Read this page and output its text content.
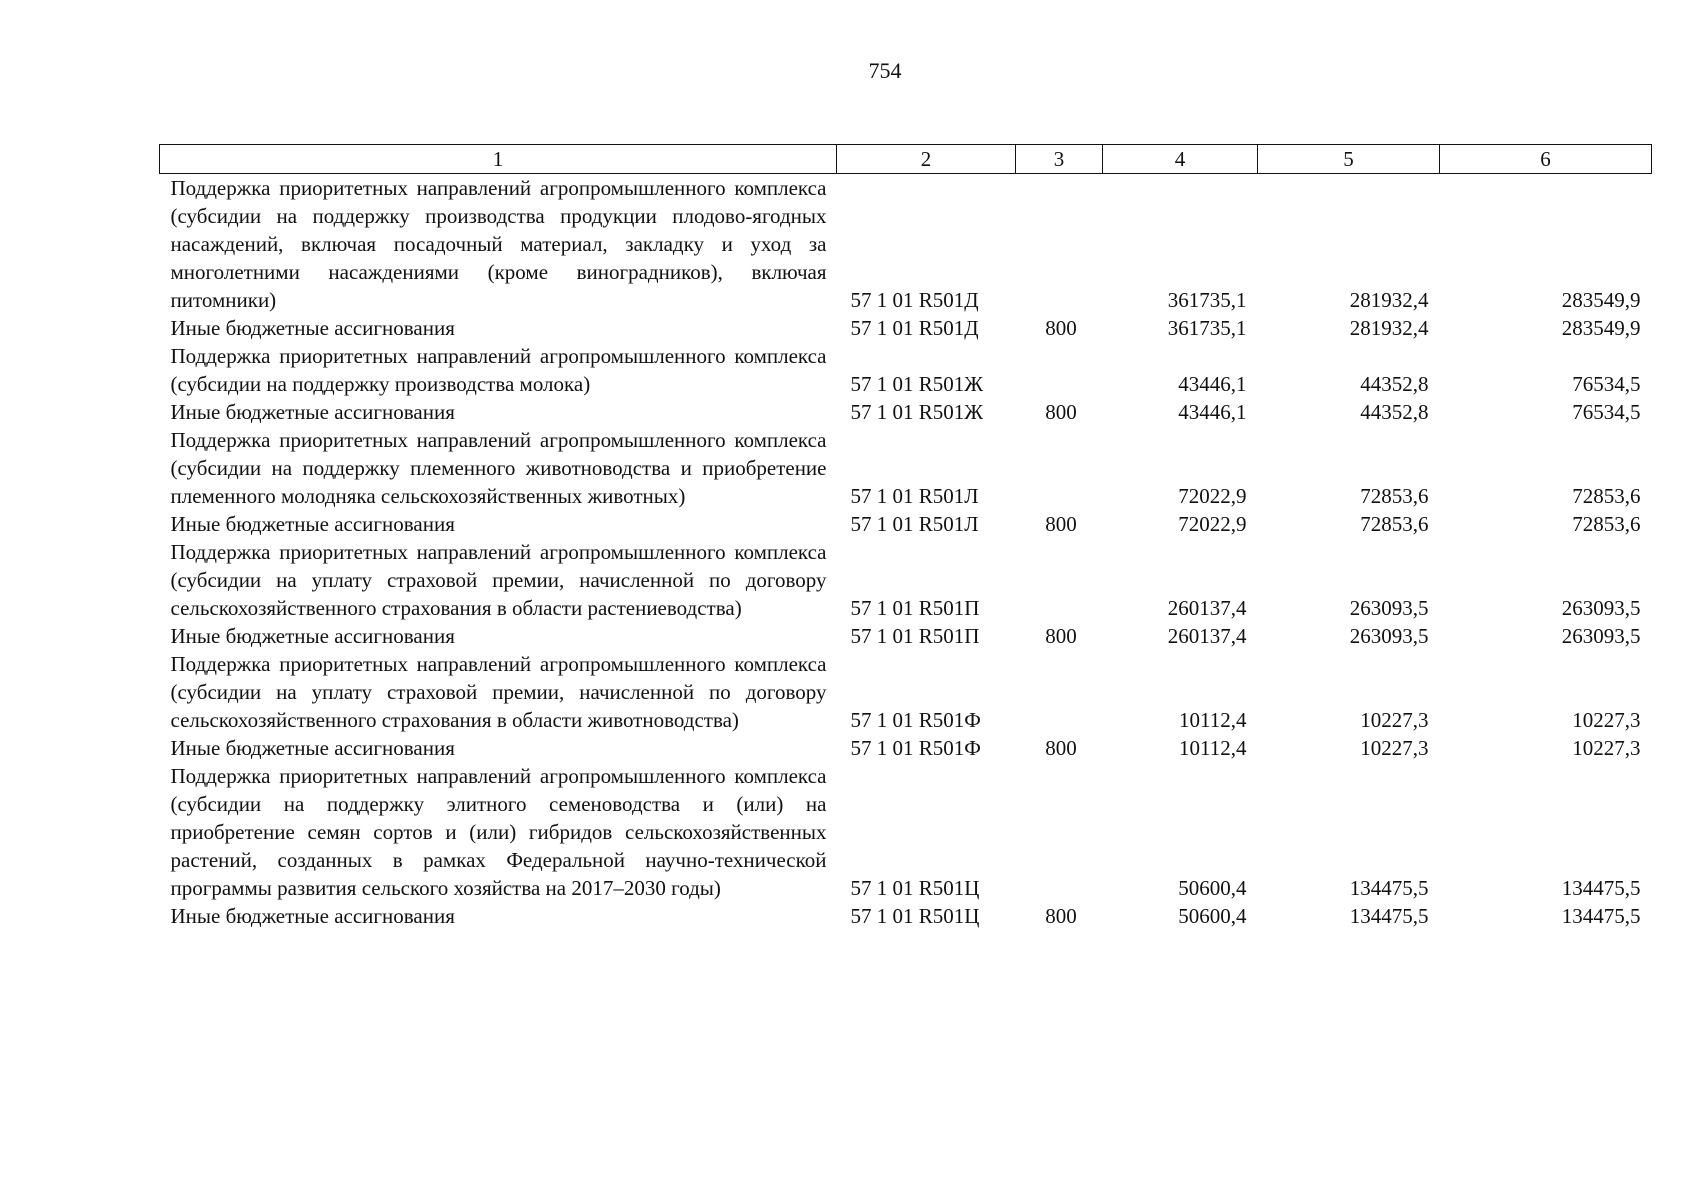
754
1	2	3	4	5	6
Поддержка приоритетных направлений агропромышленного комплекса (субсидии на поддержку производства продукции плодово-ягодных насаждений, включая посадочный материал, закладку и уход за многолетними насаждениями (кроме виноградников), включая питомники)	57 1 01 R501Д		361735,1	281932,4	283549,9
Иные бюджетные ассигнования	57 1 01 R501Д	800	361735,1	281932,4	283549,9
Поддержка приоритетных направлений агропромышленного комплекса (субсидии на поддержку производства молока)	57 1 01 R501Ж		43446,1	44352,8	76534,5
Иные бюджетные ассигнования	57 1 01 R501Ж	800	43446,1	44352,8	76534,5
Поддержка приоритетных направлений агропромышленного комплекса (субсидии на поддержку племенного животноводства и приобретение племенного молодняка сельскохозяйственных животных)	57 1 01 R501Л		72022,9	72853,6	72853,6
Иные бюджетные ассигнования	57 1 01 R501Л	800	72022,9	72853,6	72853,6
Поддержка приоритетных направлений агропромышленного комплекса (субсидии на уплату страховой премии, начисленной по договору сельскохозяйственного страхования в области растениеводства)	57 1 01 R501П		260137,4	263093,5	263093,5
Иные бюджетные ассигнования	57 1 01 R501П	800	260137,4	263093,5	263093,5
Поддержка приоритетных направлений агропромышленного комплекса (субсидии на уплату страховой премии, начисленной по договору сельскохозяйственного страхования в области животноводства)	57 1 01 R501Ф		10112,4	10227,3	10227,3
Иные бюджетные ассигнования	57 1 01 R501Ф	800	10112,4	10227,3	10227,3
Поддержка приоритетных направлений агропромышленного комплекса (субсидии на поддержку элитного семеноводства и (или) на приобретение семян сортов и (или) гибридов сельскохозяйственных растений, созданных в рамках Федеральной научно-технической программы развития сельского хозяйства на 2017–2030 годы)	57 1 01 R501Ц		50600,4	134475,5	134475,5
Иные бюджетные ассигнования	57 1 01 R501Ц	800	50600,4	134475,5	134475,5
